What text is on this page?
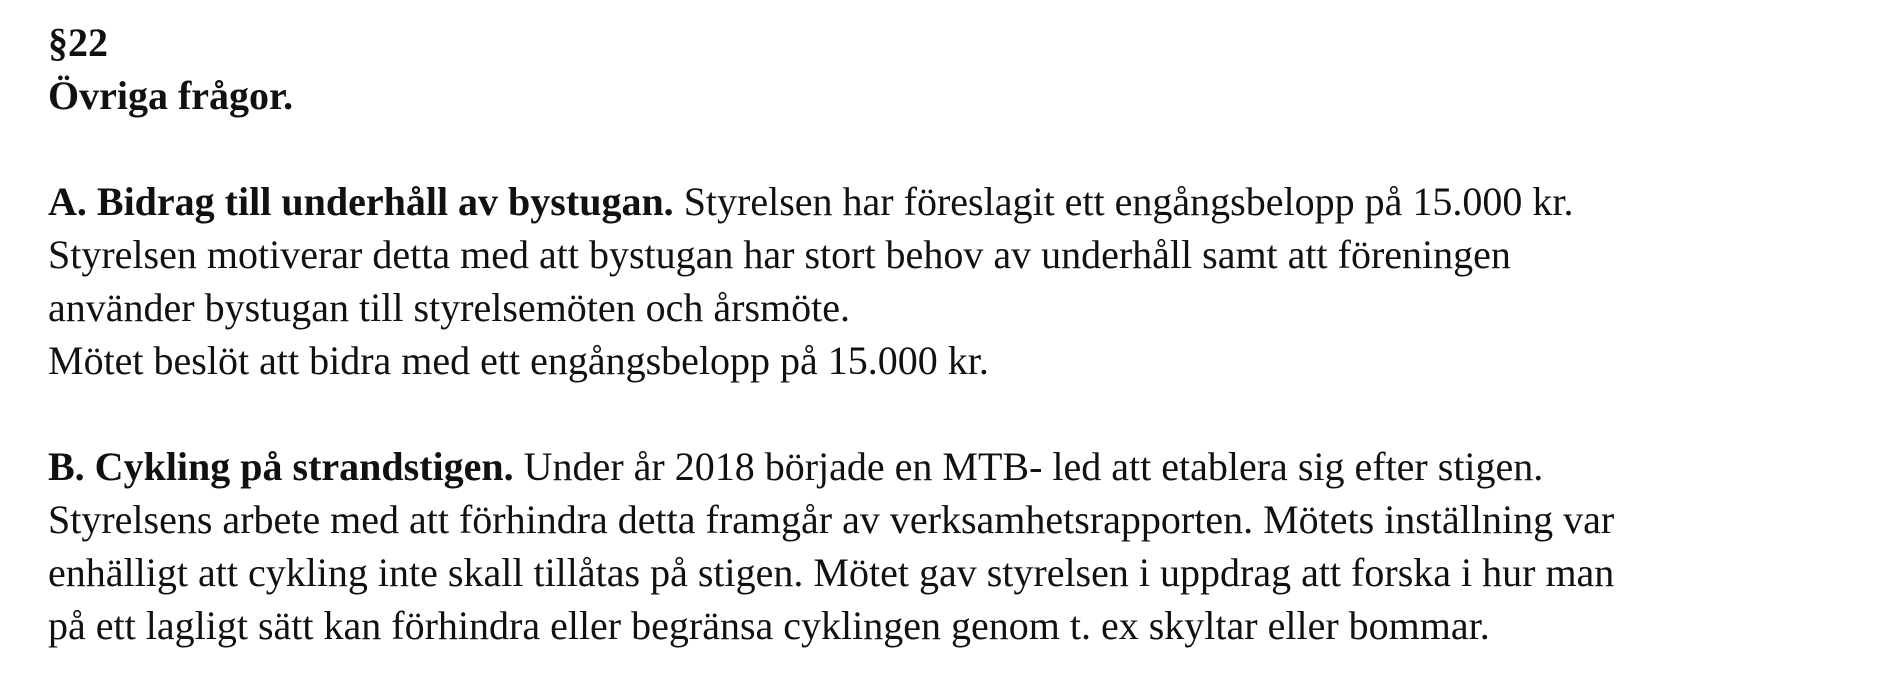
§22
Övriga frågor.
A. Bidrag till underhåll av bystugan. Styrelsen har föreslagit ett engångsbelopp på 15.000 kr.
Styrelsen motiverar detta med att bystugan har stort behov av underhåll samt att föreningen
använder bystugan till styrelsemöten och årsmöte.
Mötet beslöt att bidra med ett engångsbelopp på 15.000 kr.
B. Cykling på strandstigen. Under år 2018 började en MTB- led att etablera sig efter stigen.
Styrelsens arbete med att förhindra detta framgår av verksamhetsrapporten. Mötets inställning var
enhälligt att cykling inte skall tillåtas på stigen. Mötet gav styrelsen i uppdrag att forska i hur man
på ett lagligt sätt kan förhindra eller begränsa cyklingen genom t. ex skyltar eller bommar.
